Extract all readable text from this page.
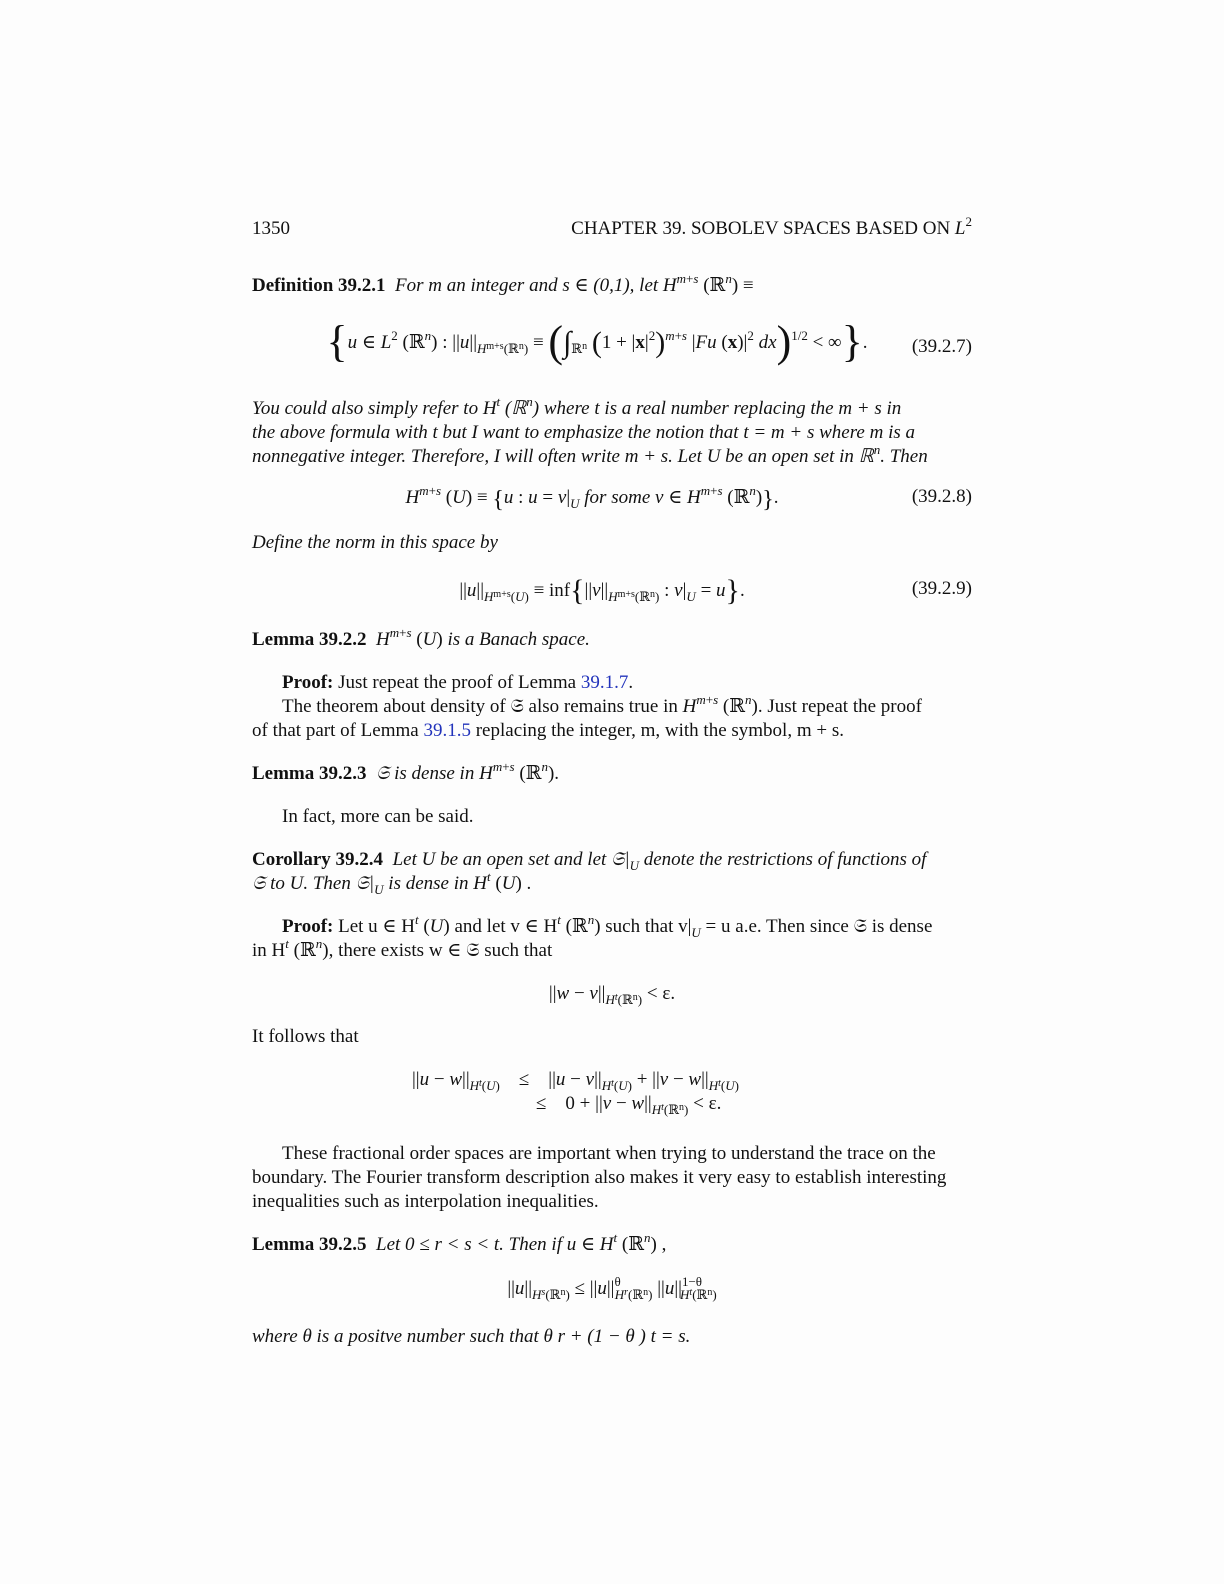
1350	CHAPTER 39. SOBOLEV SPACES BASED ON $L^2$
Definition 39.2.1 For m an integer and s ∈ (0,1), let $H^{m+s}$ (ℝ$^n$) ≡
{u ∈ $L^2$ (ℝ$^n$) : $||u||_{H^{m+s}(ℝ^n)} \equiv (\int_{ℝ^n}$ $(1 + |x|^2)^{m+s}$ |Fu $(x)|^2$ dx)$^{1/2}$ < ∞}. (39.2.7)
You could also simply refer to $H^t$ (ℝ$^n$) where t is a real number replacing the m + s in
the above formula with t but I want to emphasize the notion that t = m + s where m is a
nonnegative integer. Therefore, I will often write m + s. Let U be an open set in ℝ$^n$. Then
$H^{m+s}$ (U) ≡ {u : $u = v|_U$ for some v ∈ $H^{m+s}$ (ℝ$^n$)}.	(39.2.8)
Define the norm in this space by
$||u||_{H^{m+s}(U)} \equiv inf\{||v||_{H^{m+s}(ℝ^n)}$ : $v|_U = u$}.	(39.2.9)
Lemma 39.2.2 $H^{m+s}$ (U) is a Banach space.
Proof: Just repeat the proof of Lemma 39.1.7.
The theorem about density of 𝔖 also remains true in $H^{m+s}$ (ℝ$^n$). Just repeat the proof
of that part of Lemma 39.1.5 replacing the integer, m, with the symbol, m + s.
Lemma 39.2.3 𝔖 is dense in $H^{m+s}$ (ℝ$^n$).
In fact, more can be said.
Corollary 39.2.4 Let U be an open set and let $𝔖|_U$ denote the restrictions of functions of
𝔖 to U. Then $𝔖|_U$ is dense in $H^t$ (U) .
Proof: Let u ∈ $H^t$ (U) and let v ∈ $H^t$ (ℝ$^n$) such that $v|_U = u$ a.e. Then since 𝔖 is dense
in $H^t$ (ℝ$^n$), there exists w ∈ 𝔖 such that
$||w - v||_{H^t(ℝ^n)} < \varepsilon$.
It follows that
$||u - w||_{H^t(U)}$    ≤    $||u - v||_{H^t(U)} + ||v - w||_{H^t(U)}$
≤    $0 + ||v - w||_{H^t(ℝ^n)} < \varepsilon$.
These fractional order spaces are important when trying to understand the trace on the
boundary. The Fourier transform description also makes it very easy to establish interesting
inequalities such as interpolation inequalities.
Lemma 39.2.5 Let 0 ≤ r < s < t. Then if u ∈ $H^t$ (ℝ$^n$) ,
$||u||_{H^s(ℝ^n)} \le ||u||^\theta_{H^r(ℝ^n)}$ $||u||^{1-\theta}_{H^t(ℝ^n)}$
where θ is a positve number such that θ r + (1 − θ ) t = s.
